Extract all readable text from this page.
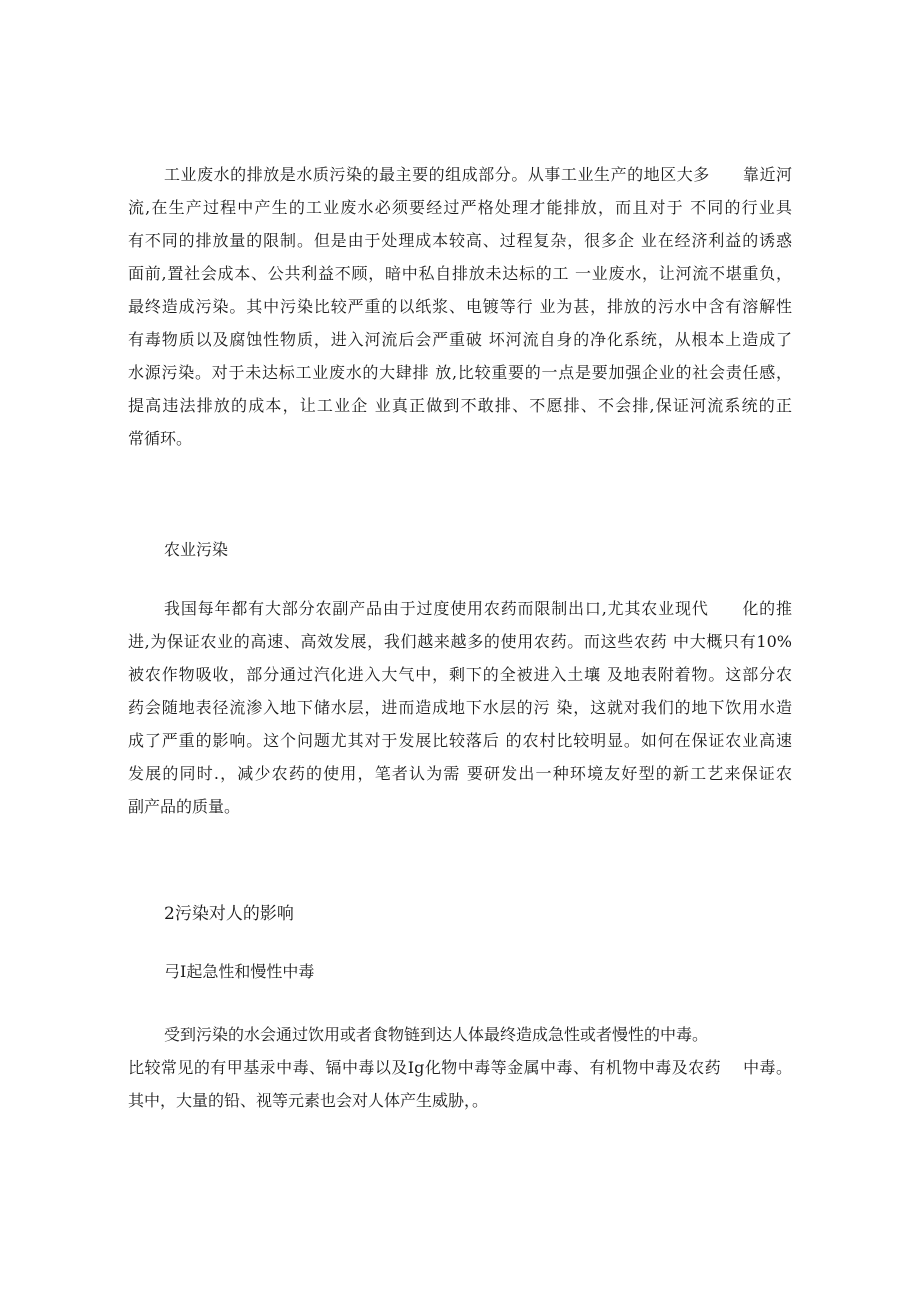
工业废水的排放是水质污染的最主要的组成部分。从事工业生产的地区大多　　靠近河
流,在生产过程中产生的工业废水必须要经过严格处理才能排放，而且对于 不同的行业具
有不同的排放量的限制。但是由于处理成本较高、过程复杂，很多企 业在经济利益的诱惑
面前,置社会成本、公共利益不顾，暗中私自排放未达标的工 一业废水，让河流不堪重负，
最终造成污染。其中污染比较严重的以纸浆、电镀等行 业为甚，排放的污水中含有溶解性
有毒物质以及腐蚀性物质，进入河流后会严重破 坏河流自身的净化系统，从根本上造成了
水源污染。对于未达标工业废水的大肆排 放,比较重要的一点是要加强企业的社会责任感，
提高违法排放的成本，让工业企 业真正做到不敢排、不愿排、不会排,保证河流系统的正
常循环。
农业污染
我国每年都有大部分农副产品由于过度使用农药而限制出口,尤其农业现代　　化的推
进,为保证农业的高速、高效发展，我们越来越多的使用农药。而这些农药 中大概只有10%
被农作物吸收，部分通过汽化进入大气中，剩下的全被进入土壤 及地表附着物。这部分农
药会随地表径流渗入地下储水层，进而造成地下水层的污 染，这就对我们的地下饮用水造
成了严重的影响。这个问题尤其对于发展比较落后 的农村比较明显。如何在保证农业高速
发展的同时.，减少农药的使用，笔者认为需 要研发出一种环境友好型的新工艺来保证农
副产品的质量。
2污染对人的影响
弓I起急性和慢性中毒
受到污染的水会通过饮用或者食物链到达人体最终造成急性或者慢性的中毒。
比较常见的有甲基汞中毒、镉中毒以及Ig化物中毒等金属中毒、有机物中毒及农药　 中毒。
其中，大量的铅、视等元素也会对人体产生威胁，。
